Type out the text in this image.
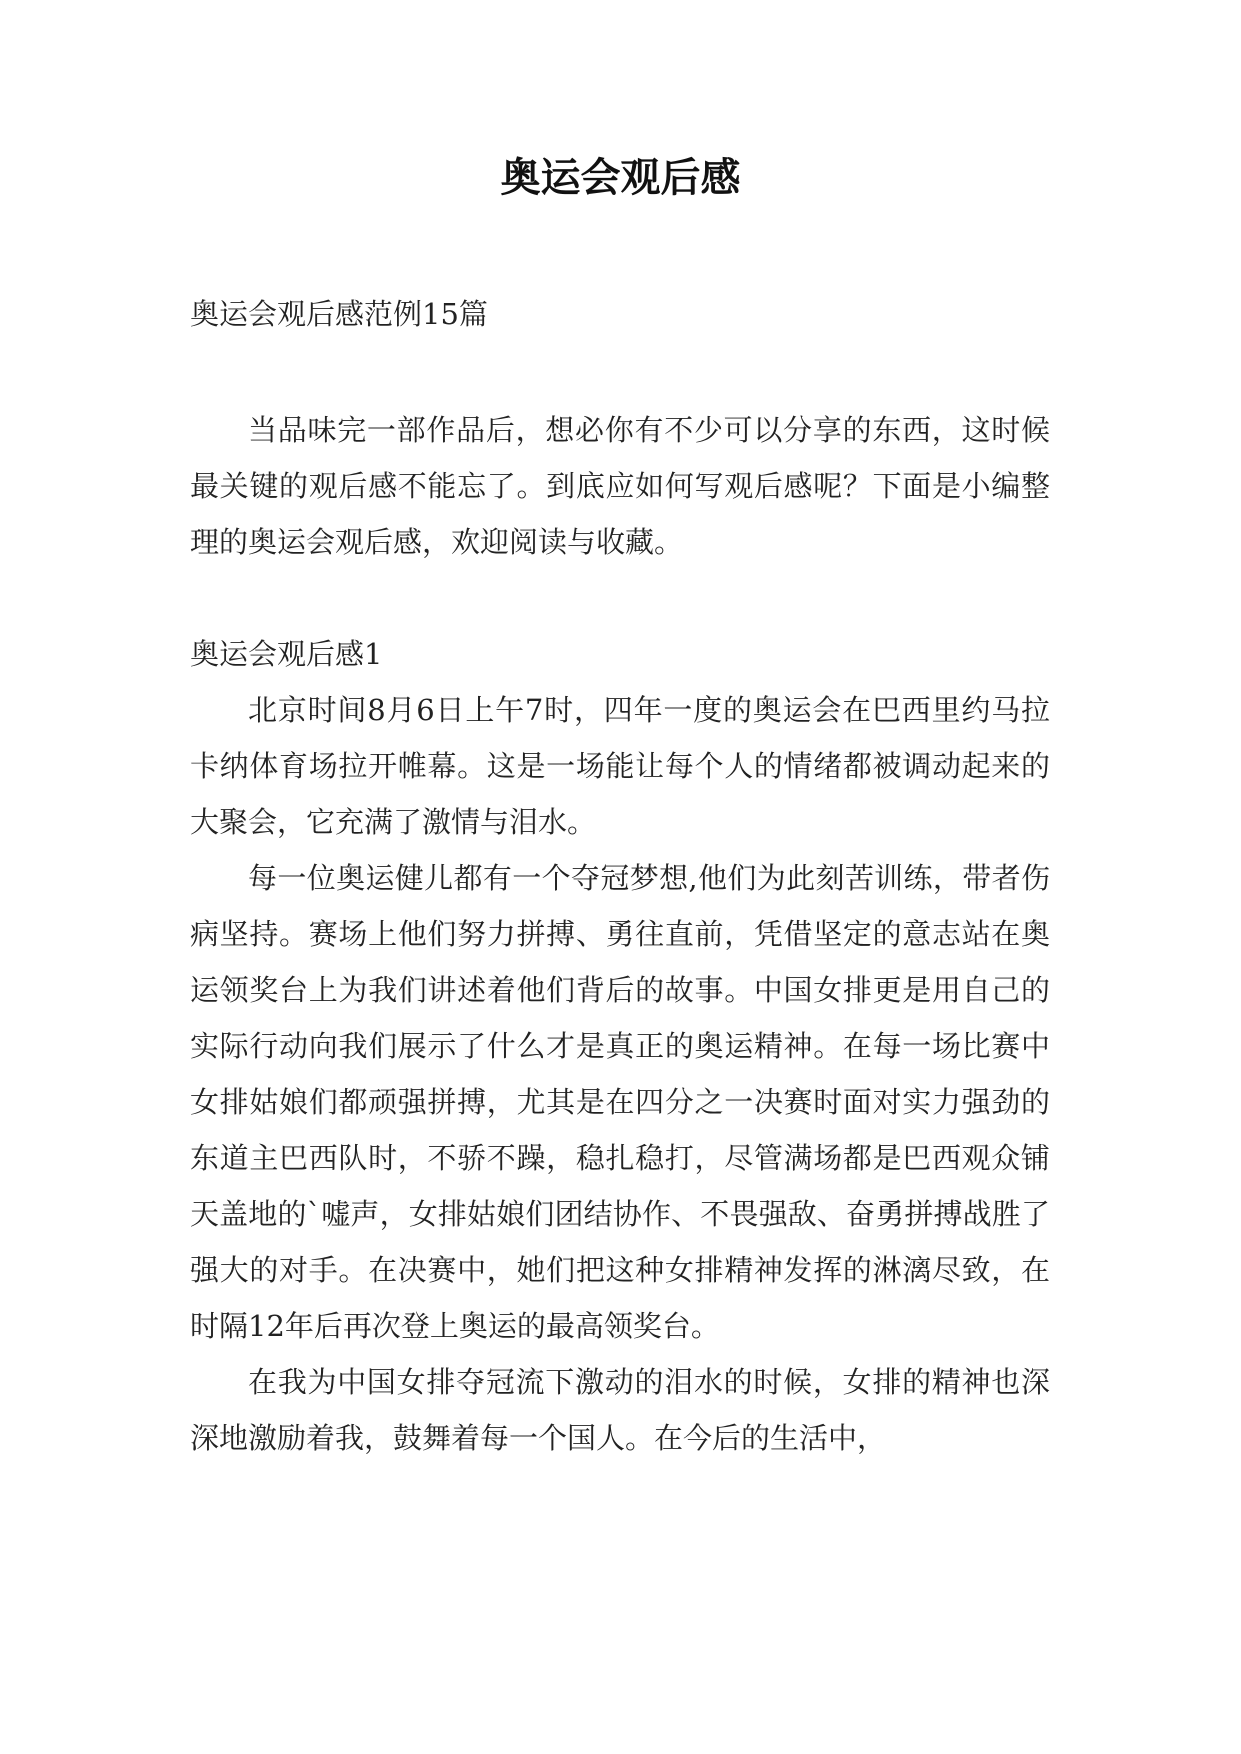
奥运会观后感

奥运会观后感范例15篇

当品味完一部作品后，想必你有不少可以分享的东西，这时候最关键的观后感不能忘了。到底应如何写观后感呢？下面是小编整理的奥运会观后感，欢迎阅读与收藏。

奥运会观后感1

北京时间8月6日上午7时，四年一度的奥运会在巴西里约马拉卡纳体育场拉开帷幕。这是一场能让每个人的情绪都被调动起来的大聚会，它充满了激情与泪水。

每一位奥运健儿都有一个夺冠梦想,他们为此刻苦训练，带者伤病坚持。赛场上他们努力拼搏、勇往直前，凭借坚定的意志站在奥运领奖台上为我们讲述着他们背后的故事。中国女排更是用自己的实际行动向我们展示了什么才是真正的奥运精神。在每一场比赛中女排姑娘们都顽强拼搏，尤其是在四分之一决赛时面对实力强劲的东道主巴西队时，不骄不躁，稳扎稳打，尽管满场都是巴西观众铺天盖地的`嘘声，女排姑娘们团结协作、不畏强敌、奋勇拼搏战胜了强大的对手。在决赛中，她们把这种女排精神发挥的淋漓尽致，在时隔12年后再次登上奥运的最高领奖台。

在我为中国女排夺冠流下激动的泪水的时候，女排的精神也深深地激励着我，鼓舞着每一个国人。在今后的生活中，
